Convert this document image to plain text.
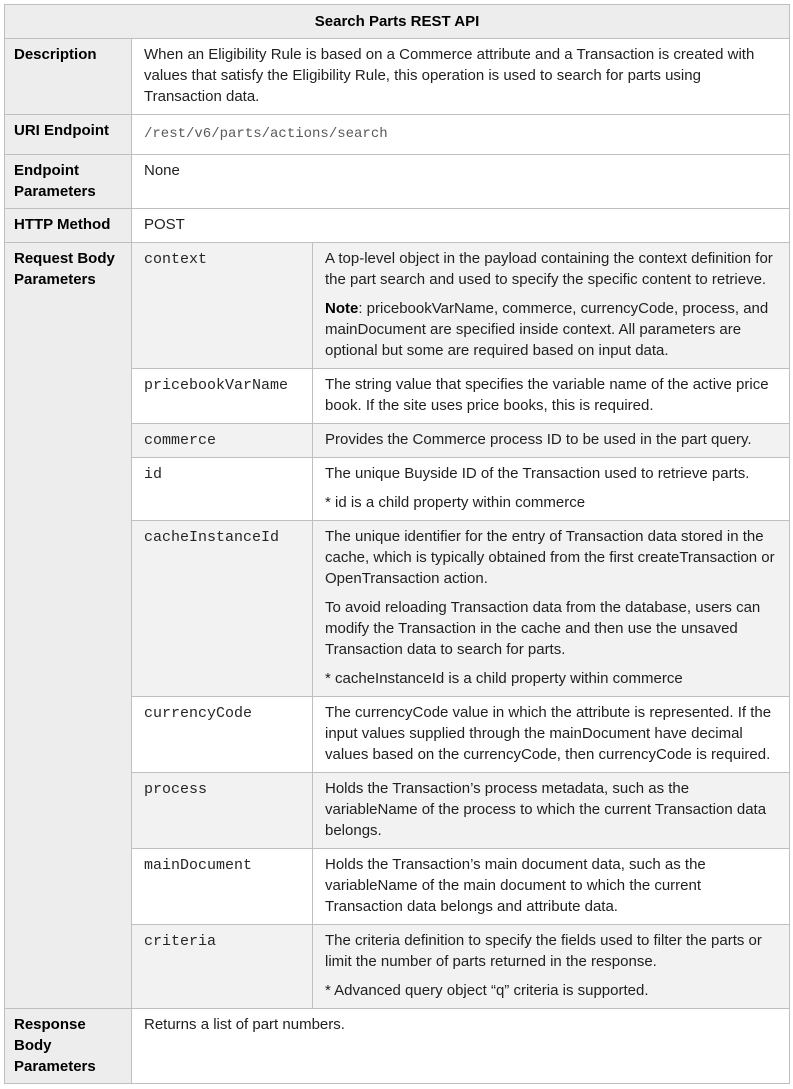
Search Parts REST API		
Description	When an Eligibility Rule is based on a Commerce attribute and a Transaction is created with values that satisfy the Eligibility Rule, this operation is used to search for parts using Transaction data.	
URI Endpoint	/rest/v6/parts/actions/search	
Endpoint Parameters	None	
HTTP Method	POST	
Request Body Parameters	context	A top-level object in the payload containing the context definition for the part search and used to specify the specific content to retrieve.

Note: pricebookVarName, commerce, currencyCode, process, and mainDocument are specified inside context. All parameters are optional but some are required based on input data.

	pricebookVarName	The string value that specifies the variable name of the active price book. If the site uses price books, this is required.

	commerce	Provides the Commerce process ID to be used in the part query.

	id	The unique Buyside ID of the Transaction used to retrieve parts.

* id is a child property within commerce

	cacheInstanceId	The unique identifier for the entry of Transaction data stored in the cache, which is typically obtained from the first createTransaction or OpenTransaction action.

To avoid reloading Transaction data from the database, users can modify the Transaction in the cache and then use the unsaved Transaction data to search for parts.

* cacheInstanceId is a child property within commerce

	currencyCode	The currencyCode value in which the attribute is represented. If the input values supplied through the mainDocument have decimal values based on the currencyCode, then currencyCode is required.

	process	Holds the Transaction’s process metadata, such as the variableName of the process to which the current Transaction data belongs.

	mainDocument	Holds the Transaction’s main document data, such as the variableName of the main document to which the current Transaction data belongs and attribute data.

	criteria	The criteria definition to specify the fields used to filter the parts or limit the number of parts returned in the response.

* Advanced query object “q” criteria is supported.

Response Body Parameters	Returns a list of part numbers.	
